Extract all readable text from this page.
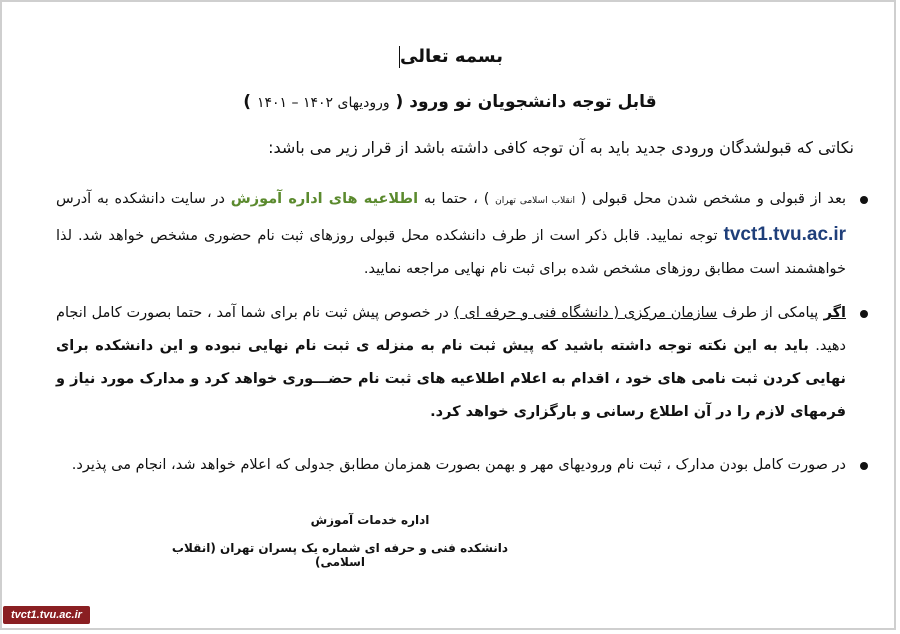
بسمه تعالی
قابل توجه دانشجویان نو ورود ( ورودیهای ۱۴۰۲ – ۱۴۰۱ )
نکاتی که قبولشدگان ورودی جدید باید به آن توجه کافی داشته باشد از قرار زیر می باشد:
بعد از قبولی و مشخص شدن محل قبولی ( انقلاب اسلامی تهران ) ، حتما به اطلاعیه های اداره آموزش در سایت دانشکده به آدرس tvct1.tvu.ac.ir توجه نمایید. قابل ذکر است از طرف دانشکده محل قبولی روزهای ثبت نام حضوری مشخص خواهد شد. لذا خواهشمند است مطابق روزهای مشخص شده برای ثبت نام نهایی مراجعه نمایید.
اگر پیامکی از طرف سازمان مرکزی ( دانشگاه فنی و حرفه ای ) در خصوص پیش ثبت نام برای شما آمد ، حتما بصورت کامل انجام دهید. باید به این نکته توجه داشته باشید که پیش ثبت نام به منزله ی ثبت نام نهایی نبوده و این دانشکده برای نهایی کردن ثبت نامی های خود ، اقدام به اعلام اطلاعیه های ثبت نام حضـــوری خواهد کرد و مدارک مورد نیاز و فرمهای لازم را در آن اطلاع رسانی و بارگزاری خواهد کرد.
در صورت کامل بودن مدارک ، ثبت نام ورودیهای مهر و بهمن بصورت همزمان مطابق جدولی که اعلام خواهد شد، انجام می پذیرد.
اداره خدمات آموزش
دانشکده فنی و حرفه ای شماره یک پسران تهران (انقلاب اسلامی)
tvct1.tvu.ac.ir
